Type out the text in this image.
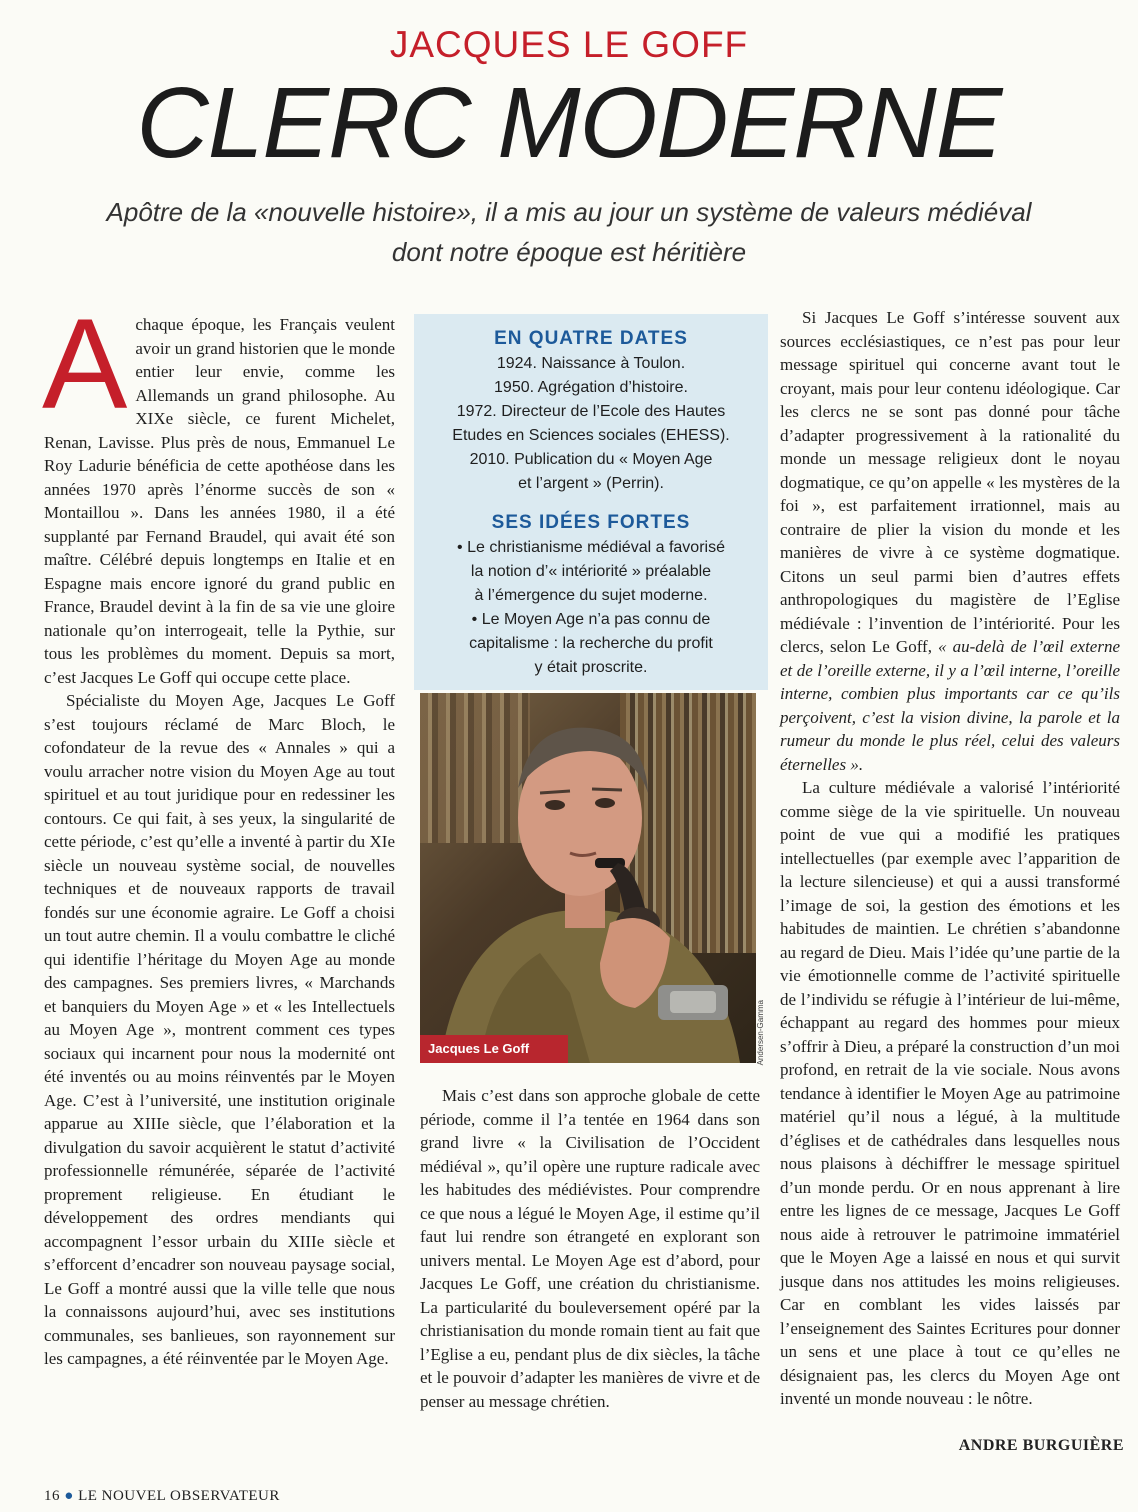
JACQUES LE GOFF
CLERC MODERNE
Apôtre de la «nouvelle histoire», il a mis au jour un système de valeurs médiéval
dont notre époque est héritière

Achaque époque, les Français veulent avoir un grand historien que le monde entier leur envie, comme les Allemands un grand philosophe. Au XIXe siècle, ce furent Michelet, Renan, Lavisse. Plus près de nous, Emmanuel Le Roy Ladurie bénéficia de cette apothéose dans les années 1970 après l’énorme succès de son « Montaillou ». Dans les années 1980, il a été supplanté par Fernand Braudel, qui avait été son maître. Célébré depuis longtemps en Italie et en Espagne mais encore ignoré du grand public en France, Braudel devint à la fin de sa vie une gloire nationale qu’on interrogeait, telle la Pythie, sur tous les problèmes du moment. Depuis sa mort, c’est Jacques Le Goff qui occupe cette place.

Spécialiste du Moyen Age, Jacques Le Goff s’est toujours réclamé de Marc Bloch, le cofondateur de la revue des « Annales » qui a voulu arracher notre vision du Moyen Age au tout spirituel et au tout juridique pour en redessiner les contours. Ce qui fait, à ses yeux, la singularité de cette période, c’est qu’elle a inventé à partir du XIe siècle un nouveau système social, de nouvelles techniques et de nouveaux rapports de travail fondés sur une économie agraire. Le Goff a choisi un tout autre chemin. Il a voulu combattre le cliché qui identifie l’héritage du Moyen Age au monde des campagnes. Ses premiers livres, « Marchands et banquiers du Moyen Age » et « les Intellectuels au Moyen Age », montrent comment ces types sociaux qui incarnent pour nous la modernité ont été inventés ou au moins réinventés par le Moyen Age. C’est à l’université, une institution originale apparue au XIIIe siècle, que l’élaboration et la divulgation du savoir acquièrent le statut d’activité professionnelle rémunérée, séparée de l’activité proprement religieuse. En étudiant le développement des ordres mendiants qui accompagnent l’essor urbain du XIIIe siècle et s’efforcent d’encadrer son nouveau paysage social, Le Goff a montré aussi que la ville telle que nous la connaissons aujourd’hui, avec ses institutions communales, ses banlieues, son rayonnement sur les campagnes, a été réinventée par le Moyen Age.

EN QUATRE DATES
1924. Naissance à Toulon.
1950. Agrégation d’histoire.
1972. Directeur de l’Ecole des Hautes
Etudes en Sciences sociales (EHESS).
2010. Publication du « Moyen Age
et l’argent » (Perrin).
SES IDÉES FORTES
• Le christianisme médiéval a favorisé
la notion d’« intériorité » préalable
à l’émergence du sujet moderne.
• Le Moyen Age n’a pas connu de
capitalisme : la recherche du profit
y était proscrite.
Jacques Le Goff	Andersen-Gamma

Mais c’est dans son approche globale de cette période, comme il l’a tentée en 1964 dans son grand livre « la Civilisation de l’Occident médiéval », qu’il opère une rupture radicale avec les habitudes des médiévistes. Pour comprendre ce que nous a légué le Moyen Age, il estime qu’il faut lui rendre son étrangeté en explorant son univers mental. Le Moyen Age est d’abord, pour Jacques Le Goff, une création du christianisme. La particularité du bouleversement opéré par la christianisation du monde romain tient au fait que l’Eglise a eu, pendant plus de dix siècles, la tâche et le pouvoir d’adapter les manières de vivre et de penser au message chrétien.

Si Jacques Le Goff s’intéresse souvent aux sources ecclésiastiques, ce n’est pas pour leur message spirituel qui concerne avant tout le croyant, mais pour leur contenu idéologique. Car les clercs ne se sont pas donné pour tâche d’adapter progressivement à la rationalité du monde un message religieux dont le noyau dogmatique, ce qu’on appelle « les mystères de la foi », est parfaitement irrationnel, mais au contraire de plier la vision du monde et les manières de vivre à ce système dogmatique. Citons un seul parmi bien d’autres effets anthropologiques du magistère de l’Eglise médiévale : l’invention de l’intériorité. Pour les clercs, selon Le Goff, « au-delà de l’œil externe et de l’oreille externe, il y a l’œil interne, l’oreille interne, combien plus importants car ce qu’ils perçoivent, c’est la vision divine, la parole et la rumeur du monde le plus réel, celui des valeurs éternelles ».

La culture médiévale a valorisé l’intériorité comme siège de la vie spirituelle. Un nouveau point de vue qui a modifié les pratiques intellectuelles (par exemple avec l’apparition de la lecture silencieuse) et qui a aussi transformé l’image de soi, la gestion des émotions et les habitudes de maintien. Le chrétien s’abandonne au regard de Dieu. Mais l’idée qu’une partie de la vie émotionnelle comme de l’activité spirituelle de l’individu se réfugie à l’intérieur de lui-même, échappant au regard des hommes pour mieux s’offrir à Dieu, a préparé la construction d’un moi profond, en retrait de la vie sociale. Nous avons tendance à identifier le Moyen Age au patrimoine matériel qu’il nous a légué, à la multitude d’églises et de cathédrales dans lesquelles nous nous plaisons à déchiffrer le message spirituel d’un monde perdu. Or en nous apprenant à lire entre les lignes de ce message, Jacques Le Goff nous aide à retrouver le patrimoine immatériel que le Moyen Age a laissé en nous et qui survit jusque dans nos attitudes les moins religieuses. Car en comblant les vides laissés par l’enseignement des Saintes Ecritures pour donner un sens et une place à tout ce qu’elles ne désignaient pas, les clercs du Moyen Age ont inventé un monde nouveau : le nôtre.

ANDRE BURGUIÈRE
16 ● LE NOUVEL OBSERVATEUR
